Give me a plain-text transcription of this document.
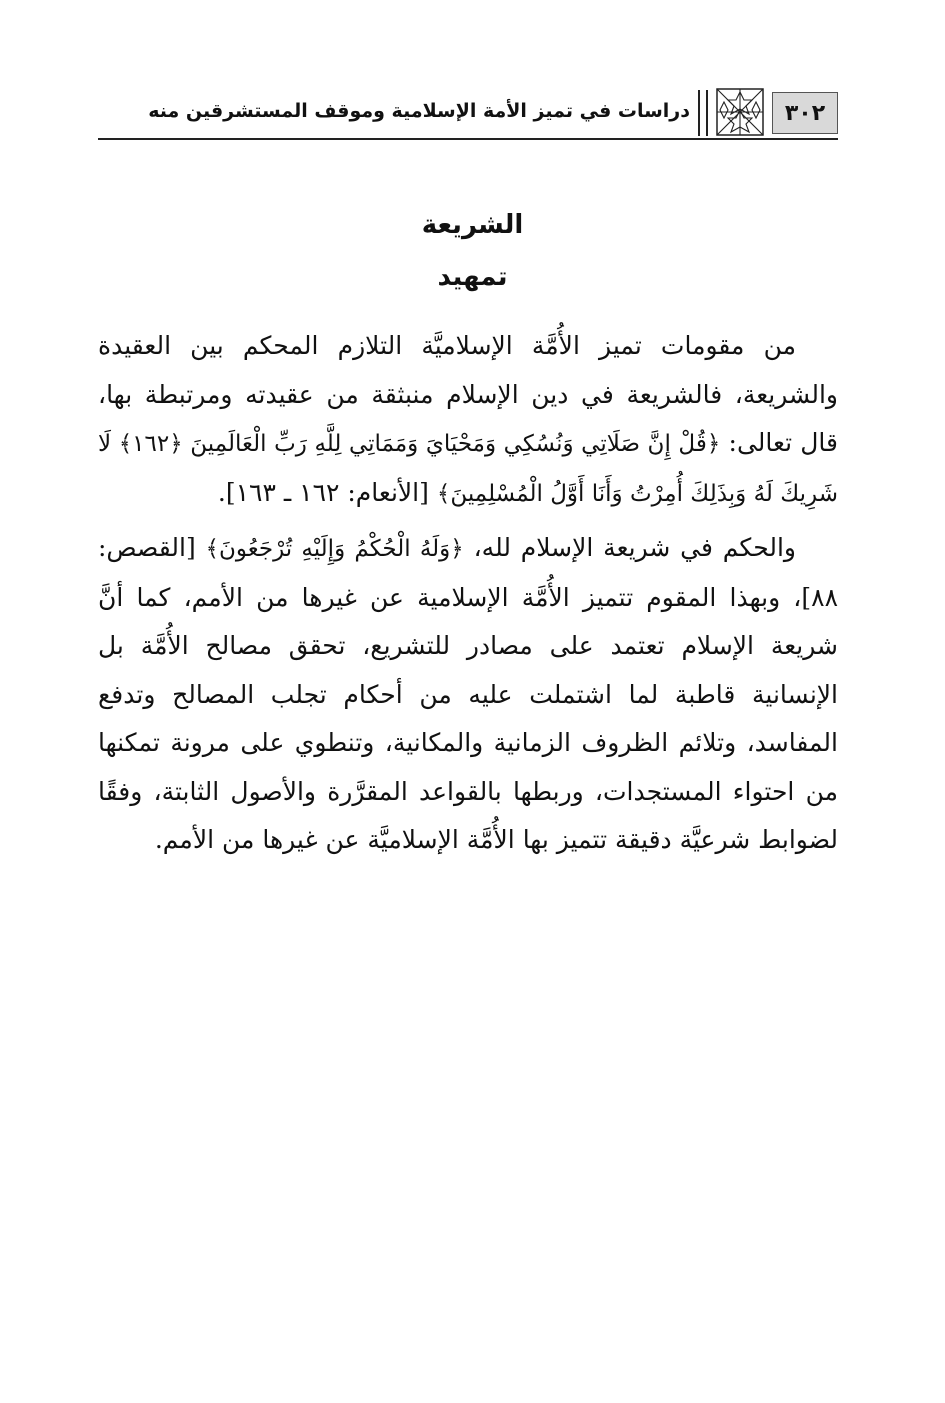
٣٠٢
دراسات في تميز الأمة الإسلامية وموقف المستشرقين منه
الشريعة
تمهيد

من مقومات تميز الأُمَّة الإسلاميَّة التلازم المحكم بين العقيدة والشريعة، فالشريعة في دين الإسلام منبثقة من عقيدته ومرتبطة بها، قال تعالى: ﴿قُلْ إِنَّ صَلَاتِي وَنُسُكِي وَمَحْيَايَ وَمَمَاتِي لِلَّهِ رَبِّ الْعَالَمِينَ ﴿١٦٢﴾ لَا شَرِيكَ لَهُ وَبِذَلِكَ أُمِرْتُ وَأَنَا أَوَّلُ الْمُسْلِمِينَ﴾ [الأنعام: ١٦٢ ـ ١٦٣].

والحكم في شريعة الإسلام لله، ﴿وَلَهُ الْحُكْمُ وَإِلَيْهِ تُرْجَعُونَ﴾ [القصص: ٨٨]، وبهذا المقوم تتميز الأُمَّة الإسلامية عن غيرها من الأمم، كما أنَّ شريعة الإسلام تعتمد على مصادر للتشريع، تحقق مصالح الأُمَّة بل الإنسانية قاطبة لما اشتملت عليه من أحكام تجلب المصالح وتدفع المفاسد، وتلائم الظروف الزمانية والمكانية، وتنطوي على مرونة تمكنها من احتواء المستجدات، وربطها بالقواعد المقرَّرة والأصول الثابتة، وفقًا لضوابط شرعيَّة دقيقة تتميز بها الأُمَّة الإسلاميَّة عن غيرها من الأمم.
